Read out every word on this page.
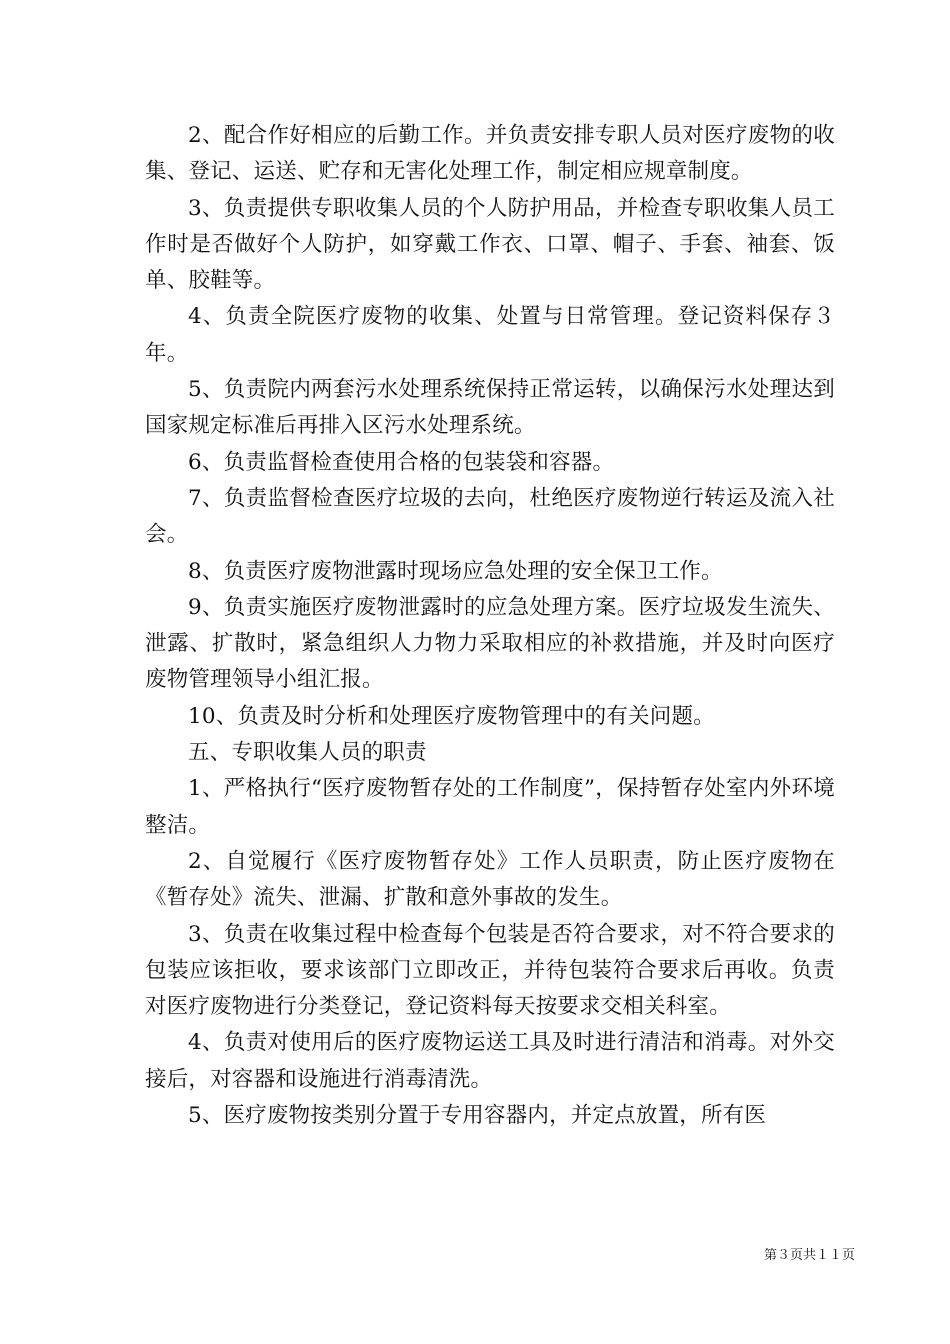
2、配合作好相应的后勤工作。并负责安排专职人员对医疗废物的收集、登记、运送、贮存和无害化处理工作，制定相应规章制度。

3、负责提供专职收集人员的个人防护用品，并检查专职收集人员工作时是否做好个人防护，如穿戴工作衣、口罩、帽子、手套、袖套、饭单、胶鞋等。

4、负责全院医疗废物的收集、处置与日常管理。登记资料保存３年。

5、负责院内两套污水处理系统保持正常运转，以确保污水处理达到国家规定标准后再排入区污水处理系统。

6、负责监督检查使用合格的包装袋和容器。

7、负责监督检查医疗垃圾的去向，杜绝医疗废物逆行转运及流入社会。

8、负责医疗废物泄露时现场应急处理的安全保卫工作。

9、负责实施医疗废物泄露时的应急处理方案。医疗垃圾发生流失、泄露、扩散时，紧急组织人力物力采取相应的补救措施，并及时向医疗废物管理领导小组汇报。

10、负责及时分析和处理医疗废物管理中的有关问题。

五、专职收集人员的职责

1、严格执行“医疗废物暂存处的工作制度”，保持暂存处室内外环境整洁。

2、自觉履行《医疗废物暂存处》工作人员职责，防止医疗废物在《暂存处》流失、泄漏、扩散和意外事故的发生。

3、负责在收集过程中检查每个包装是否符合要求，对不符合要求的包装应该拒收，要求该部门立即改正，并待包装符合要求后再收。负责对医疗废物进行分类登记，登记资料每天按要求交相关科室。

4、负责对使用后的医疗废物运送工具及时进行清洁和消毒。对外交接后，对容器和设施进行消毒清洗。

5、医疗废物按类别分置于专用容器内，并定点放置，所有医

第３页共１１页
